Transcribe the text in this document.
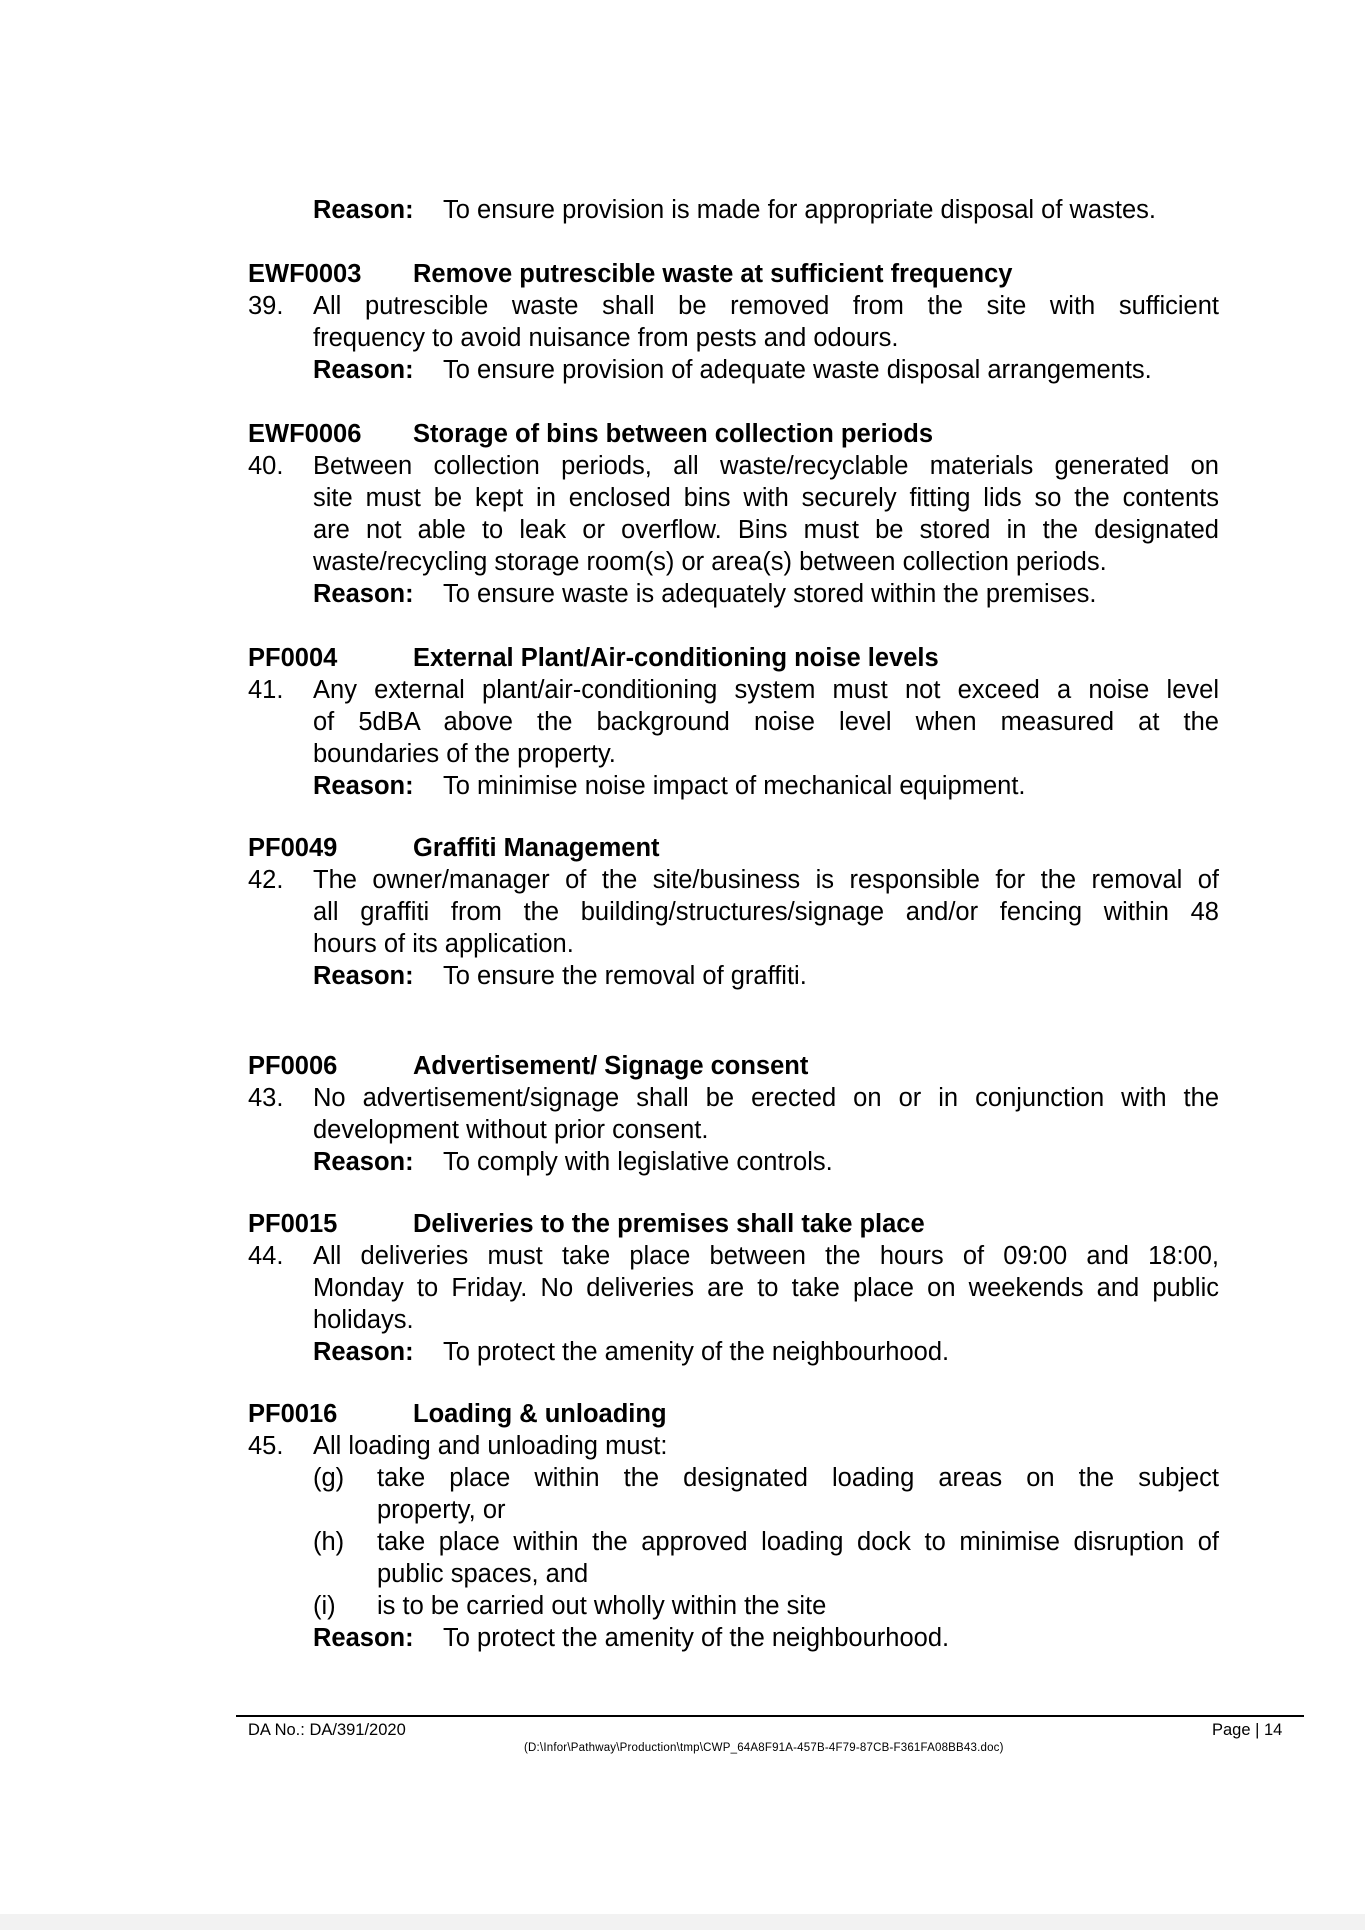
Reason: To ensure provision is made for appropriate disposal of wastes.
EWF0003 Remove putrescible waste at sufficient frequency
39. All putrescible waste shall be removed from the site with sufficient
frequency to avoid nuisance from pests and odours.
Reason: To ensure provision of adequate waste disposal arrangements.
EWF0006 Storage of bins between collection periods
40. Between collection periods, all waste/recyclable materials generated on
site must be kept in enclosed bins with securely fitting lids so the contents
are not able to leak or overflow. Bins must be stored in the designated
waste/recycling storage room(s) or area(s) between collection periods.
Reason: To ensure waste is adequately stored within the premises.
PF0004	External Plant/Air-conditioning noise levels
41. Any external plant/air-conditioning system must not exceed a noise level
of 5dBA above the background noise level when measured at the
boundaries of the property.
Reason: To minimise noise impact of mechanical equipment.
PF0049	Graffiti Management
42. The owner/manager of the site/business is responsible for the removal of
all graffiti from the building/structures/signage and/or fencing within 48
hours of its application.
Reason: To ensure the removal of graffiti.
PF0006	Advertisement/ Signage consent
43. No advertisement/signage shall be erected on or in conjunction with the
development without prior consent.
Reason: To comply with legislative controls.
PF0015	Deliveries to the premises shall take place
44. All deliveries must take place between the hours of 09:00 and 18:00,
Monday to Friday. No deliveries are to take place on weekends and public
holidays.
Reason: To protect the amenity of the neighbourhood.
PF0016	Loading & unloading
45. All loading and unloading must:
(g) take place within the designated loading areas on the subject
property, or
(h) take place within the approved loading dock to minimise disruption of
public spaces, and
(i) is to be carried out wholly within the site
Reason: To protect the amenity of the neighbourhood.
DA No.: DA/391/2020	Page | 14
(D:\Infor\Pathway\Production\tmp\CWP_64A8F91A-457B-4F79-87CB-F361FA08BB43.doc)
